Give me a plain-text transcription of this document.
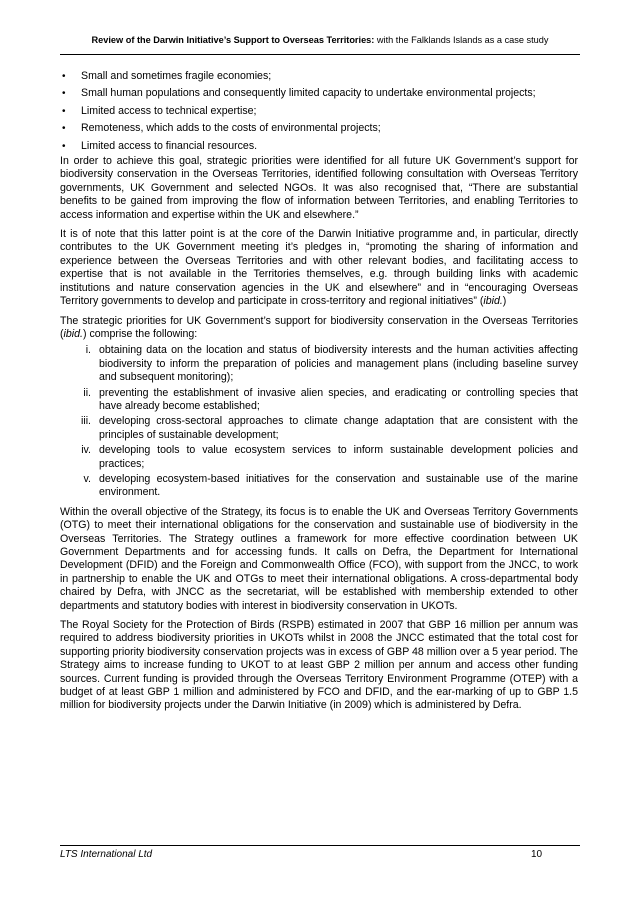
Review of the Darwin Initiative’s Support to Overseas Territories: with the Falklands Islands as a case study
• Small and sometimes fragile economies;
• Small human populations and consequently limited capacity to undertake environmental projects;
• Limited access to technical expertise;
• Remoteness, which adds to the costs of environmental projects;
• Limited access to financial resources.

In order to achieve this goal, strategic priorities were identified for all future UK Government’s support for biodiversity conservation in the Overseas Territories, identified following consultation with Overseas Territory governments, UK Government and selected NGOs. It was also recognised that, “There are substantial benefits to be gained from improving the flow of information between Territories, and enabling Territories to access information and expertise within the UK and elsewhere.”

It is of note that this latter point is at the core of the Darwin Initiative programme and, in particular, directly contributes to the UK Government meeting it’s pledges in, “promoting the sharing of information and experience between the Overseas Territories and with other relevant bodies, and facilitating access to expertise that is not available in the Territories themselves, e.g. through building links with academic institutions and nature conservation agencies in the UK and elsewhere” and in “encouraging Overseas Territory governments to develop and participate in cross-territory and regional initiatives” (ibid.)

The strategic priorities for UK Government’s support for biodiversity conservation in the Overseas Territories (ibid.) comprise the following:

i. obtaining data on the location and status of biodiversity interests and the human activities affecting biodiversity to inform the preparation of policies and management plans (including baseline survey and subsequent monitoring);
ii. preventing the establishment of invasive alien species, and eradicating or controlling species that have already become established;
iii. developing cross-sectoral approaches to climate change adaptation that are consistent with the principles of sustainable development;
iv. developing tools to value ecosystem services to inform sustainable development policies and practices;
v. developing ecosystem-based initiatives for the conservation and sustainable use of the marine environment.

Within the overall objective of the Strategy, its focus is to enable the UK and Overseas Territory Governments (OTG) to meet their international obligations for the conservation and sustainable use of biodiversity in the Overseas Territories. The Strategy outlines a framework for more effective coordination between UK Government Departments and for accessing funds. It calls on Defra, the Department for International Development (DFID) and the Foreign and Commonwealth Office (FCO), with support from the JNCC, to work in partnership to enable the UK and OTGs to meet their international obligations. A cross-departmental body chaired by Defra, with JNCC as the secretariat, will be established with membership extended to other departments and statutory bodies with interest in biodiversity conservation in UKOTs.

The Royal Society for the Protection of Birds (RSPB) estimated in 2007 that GBP 16 million per annum was required to address biodiversity priorities in UKOTs whilst in 2008 the JNCC estimated that the total cost for supporting priority biodiversity conservation projects was in excess of GBP 48 million over a 5 year period. The Strategy aims to increase funding to UKOT to at least GBP 2 million per annum and access other funding sources. Current funding is provided through the Overseas Territory Environment Programme (OTEP) with a budget of at least GBP 1 million and administered by FCO and DFID, and the ear-marking of up to GBP 1.5 million for biodiversity projects under the Darwin Initiative (in 2009) which is administered by Defra.

LTS International Ltd	10
